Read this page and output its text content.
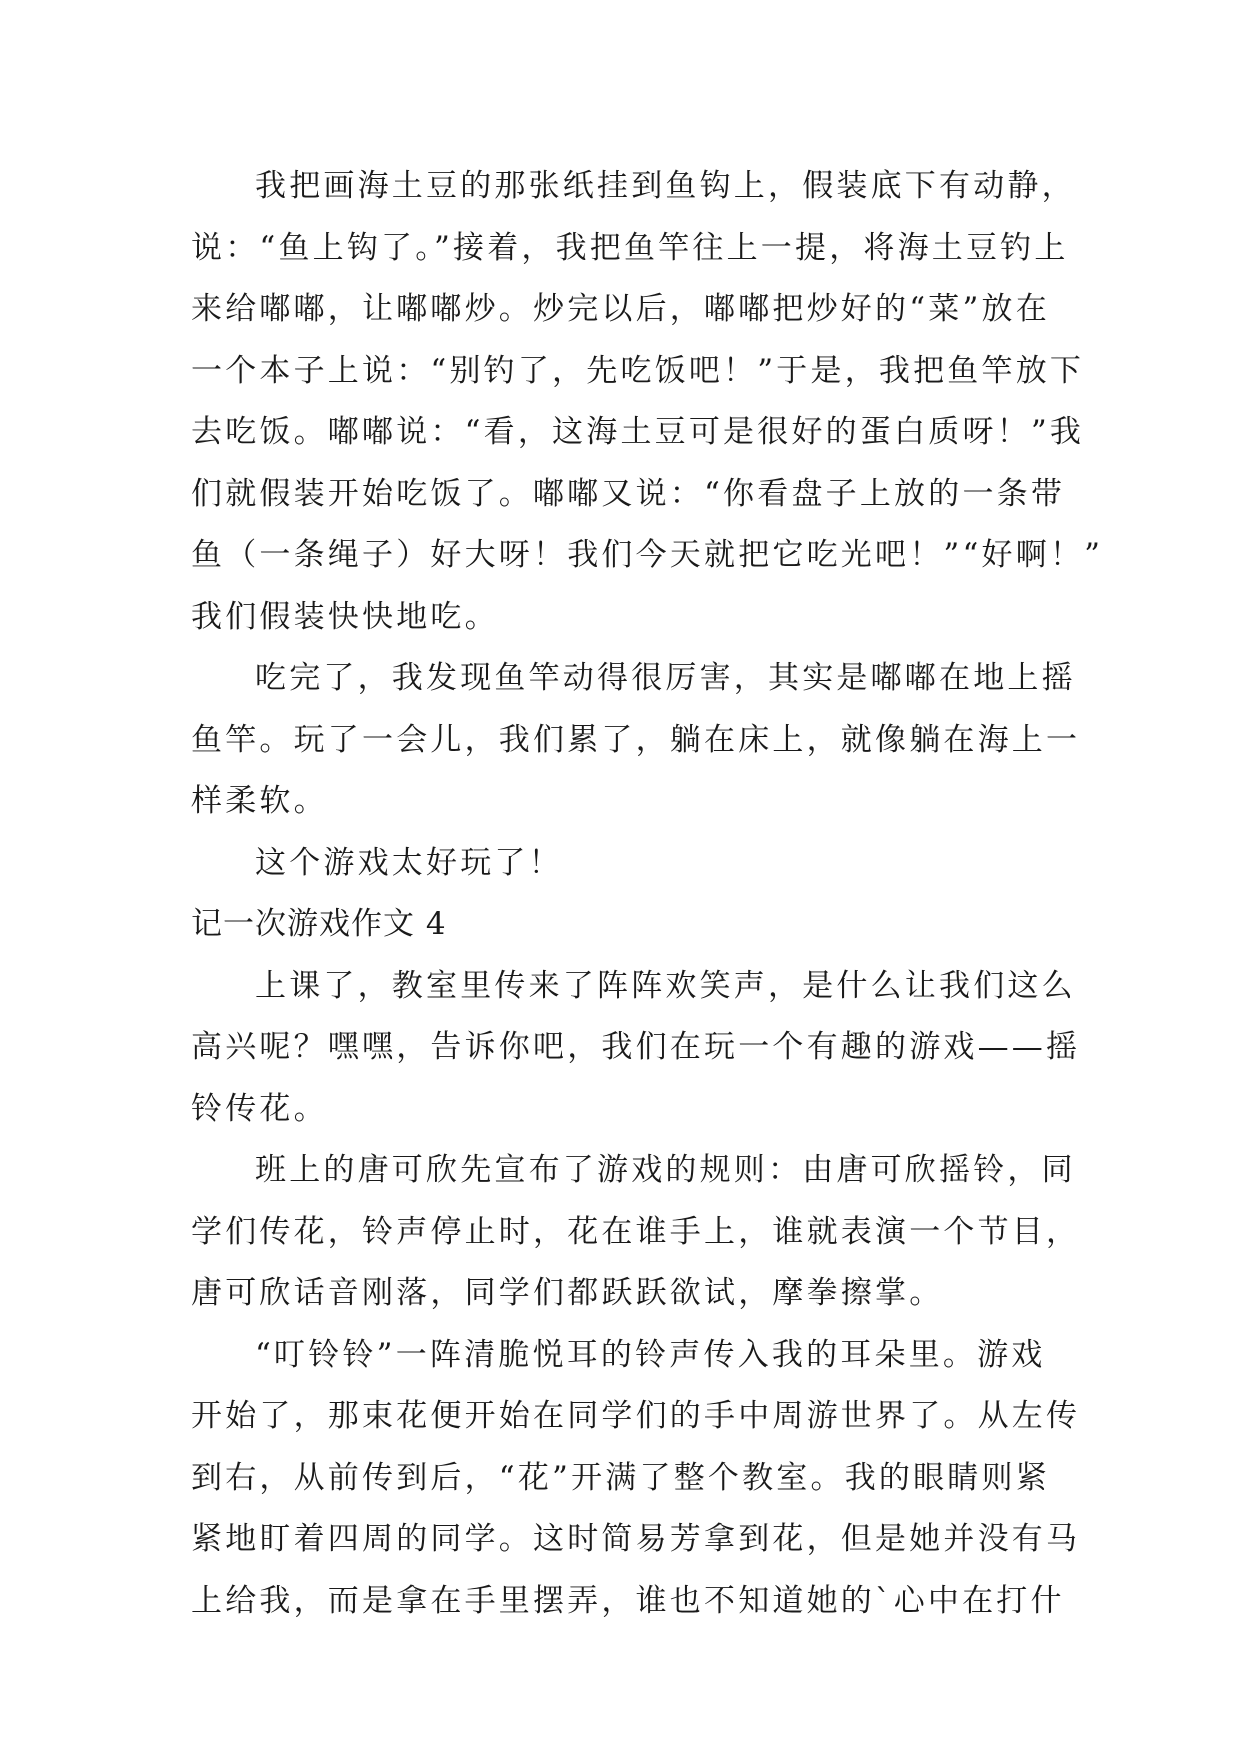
我把画海土豆的那张纸挂到鱼钩上，假装底下有动静，
说：“鱼上钩了。”接着，我把鱼竿往上一提，将海土豆钓上
来给嘟嘟，让嘟嘟炒。炒完以后，嘟嘟把炒好的“菜”放在
一个本子上说：“别钓了，先吃饭吧！”于是，我把鱼竿放下
去吃饭。嘟嘟说：“看，这海土豆可是很好的蛋白质呀！”我
们就假装开始吃饭了。嘟嘟又说：“你看盘子上放的一条带
鱼（一条绳子）好大呀！我们今天就把它吃光吧！”“好啊！”
我们假装快快地吃。
吃完了，我发现鱼竿动得很厉害，其实是嘟嘟在地上摇
鱼竿。玩了一会儿，我们累了，躺在床上，就像躺在海上一
样柔软。
这个游戏太好玩了！
记一次游戏作文 4
上课了，教室里传来了阵阵欢笑声，是什么让我们这么
高兴呢？嘿嘿，告诉你吧，我们在玩一个有趣的游戏——摇
铃传花。
班上的唐可欣先宣布了游戏的规则：由唐可欣摇铃，同
学们传花，铃声停止时，花在谁手上，谁就表演一个节目，
唐可欣话音刚落，同学们都跃跃欲试，摩拳擦掌。
“叮铃铃”一阵清脆悦耳的铃声传入我的耳朵里。游戏
开始了，那束花便开始在同学们的手中周游世界了。从左传
到右，从前传到后，“花”开满了整个教室。我的眼睛则紧
紧地盯着四周的同学。这时简易芳拿到花，但是她并没有马
上给我，而是拿在手里摆弄，谁也不知道她的`心中在打什
